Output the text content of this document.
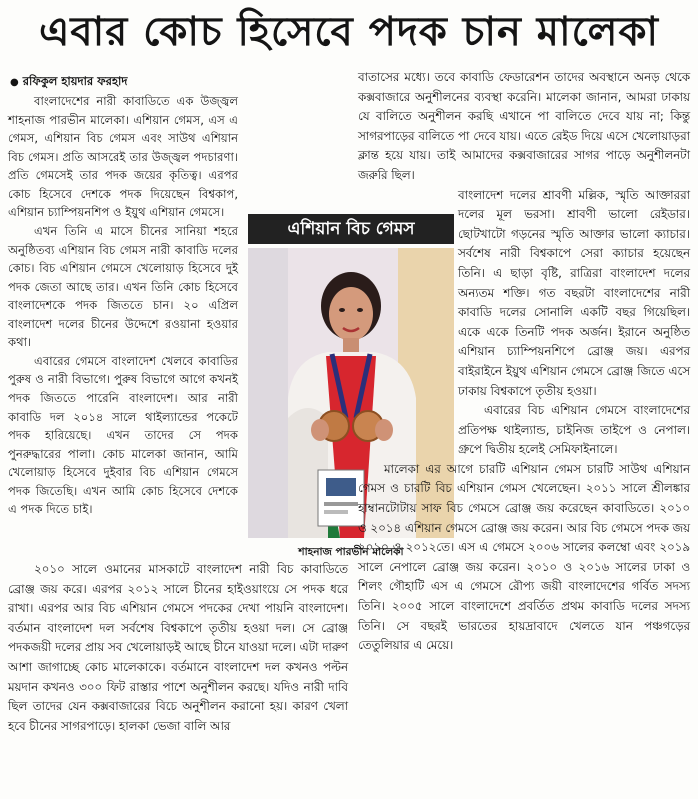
এবার কোচ হিসেবে পদক চান মালেকা
● রফিকুল হায়দার ফরহাদ

বাংলাদেশের নারী কাবাডিতে এক উজ্জ্বল শাহনাজ পারভীন মালেকা। এশিয়ান গেমস, এস এ গেমস, এশিয়ান বিচ গেমস এবং সাউথ এশিয়ান বিচ গেমস। প্রতি আসরেই তার উজ্জ্বল পদচারণা। প্রতি গেমসেই তার পদক জয়ের কৃতিত্ব। এরপর কোচ হিসেবে দেশকে পদক দিয়েছেন বিশ্বকাপ, এশিয়ান চ্যাম্পিয়নশিপ ও ইয়ুথ এশিয়ান গেমসে।

এখন তিনি এ মাসে চীনের সানিয়া শহরে অনুষ্ঠিতব্য এশিয়ান বিচ গেমস নারী কাবাডি দলের কোচ। বিচ এশিয়ান গেমসে খেলোয়াড় হিসেবে দুই পদক জেতা আছে তার। এখন তিনি কোচ হিসেবে বাংলাদেশকে পদক জিততে চান। ২০ এপ্রিল বাংলাদেশ দলের চীনের উদ্দেশে রওয়ানা হওয়ার কথা।

এবারের গেমসে বাংলাদেশ খেলবে কাবাডির পুরুষ ও নারী বিভাগে। পুরুষ বিভাগে আগে কখনই পদক জিততে পারেনি বাংলাদেশ। আর নারী কাবাডি দল ২০১৪ সালে থাইল্যান্ডের পকেটে পদক হারিয়েছে। এখন তাদের সে পদক পুনরুদ্ধারের পালা। কোচ মালেকা জানান, আমি খেলোয়াড় হিসেবে দুইবার বিচ এশিয়ান গেমসে পদক জিতেছি। এখন আমি কোচ হিসেবে দেশকে এ পদক দিতে চাই।

এশিয়ান বিচ গেমস
শাহনাজ পারভীন মালেকা

২০১০ সালে ওমানের মাসকাটে বাংলাদেশ নারী বিচ কাবাডিতে ব্রোঞ্জ জয় করে। এরপর ২০১২ সালে চীনের হাইওয়াংয়ে সে পদক ধরে রাখা। এরপর আর বিচ এশিয়ান গেমসে পদকের দেখা পায়নি বাংলাদেশ। বর্তমান বাংলাদেশ দল সর্বশেষ বিশ্বকাপে তৃতীয় হওয়া দল। সে ব্রোঞ্জ পদকজয়ী দলের প্রায় সব খেলোয়াড়ই আছে চীনে যাওয়া দলে। এটা দারুণ আশা জাগাচ্ছে কোচ মালেকাকে। বর্তমানে বাংলাদেশ দল কখনও পল্টন ময়দান কখনও ৩০০ ফিট রাস্তার পাশে অনুশীলন করছে। যদিও নারী দাবি ছিল তাদের যেন কক্সবাজারের বিচে অনুশীলন করানো হয়। কারণ খেলা হবে চীনের সাগরপাড়ে। হালকা ভেজা বালি আর

বাতাসের মধ্যে। তবে কাবাডি ফেডারেশন তাদের অবস্থানে অনড় থেকে কক্সবাজারে অনুশীলনের ব্যবস্থা করেনি। মালেকা জানান, আমরা ঢাকায় যে বালিতে অনুশীলন করছি এখানে পা বালিতে দেবে যায় না; কিন্তু সাগরপাড়ের বালিতে পা দেবে যায়। এতে রেইড দিয়ে এসে খেলোয়াড়রা ক্লান্ত হয়ে যায়। তাই আমাদের কক্সবাজারের সাগর পাড়ে অনুশীলনটা জরুরি ছিল।

বাংলাদেশ দলের শ্রাবণী মল্লিক, স্মৃতি আক্তাররা দলের মূল ভরসা। শ্রাবণী ভালো রেইডার। ছোটখাটো গড়নের স্মৃতি আক্তার ভালো ক্যাচার। সর্বশেষ নারী বিশ্বকাপে সেরা ক্যাচার হয়েছেন তিনি। এ ছাড়া বৃষ্টি, রাত্রিরা বাংলাদেশ দলের অন্যতম শক্তি। গত বছরটা বাংলাদেশের নারী কাবাডি দলের সোনালি একটি বছর গিয়েছিল। একে একে তিনটি পদক অর্জন। ইরানে অনুষ্ঠিত এশিয়ান চ্যাম্পিয়নশিপে ব্রোঞ্জ জয়। এরপর বাইরাইনে ইয়ুথ এশিয়ান গেমসে ব্রোঞ্জ জিতে এসে ঢাকায় বিশ্বকাপে তৃতীয় হওয়া।

এবারের বিচ এশিয়ান গেমসে বাংলাদেশের প্রতিপক্ষ থাইল্যান্ড, চাইনিজ তাইপে ও নেপাল। গ্রুপে দ্বিতীয় হলেই সেমিফাইনালে।

মালেকা এর আগে চারটি এশিয়ান গেমস চারটি সাউথ এশিয়ান গেমস ও চারটি বিচ এশিয়ান গেমস খেলেছেন। ২০১১ সালে শ্রীলঙ্কার হাম্বানটোটায় সাফ বিচ গেমসে ব্রোঞ্জ জয় করেছেন কাবাডিতে। ২০১০ ও ২০১৪ এশিয়ান গেমসে ব্রোঞ্জ জয় করেন। আর বিচ গেমসে পদক জয় ২০১০ ও ২০১২তে। এস এ গেমসে ২০০৬ সালের কলম্বো এবং ২০১৯ সালে নেপালে ব্রোঞ্জ জয় করেন। ২০১০ ও ২০১৬ সালের ঢাকা ও শিলং গৌহাটি এস এ গেমসে রৌপ্য জয়ী বাংলাদেশের গর্বিত সদস্য তিনি। ২০০৫ সালে বাংলাদেশে প্রবর্তিত প্রথম কাবাডি দলের সদস্য তিনি। সে বছরই ভারতের হায়দ্রাবাদে খেলতে যান পঞ্চগড়ের তেতুলিয়ার এ মেয়ে।
